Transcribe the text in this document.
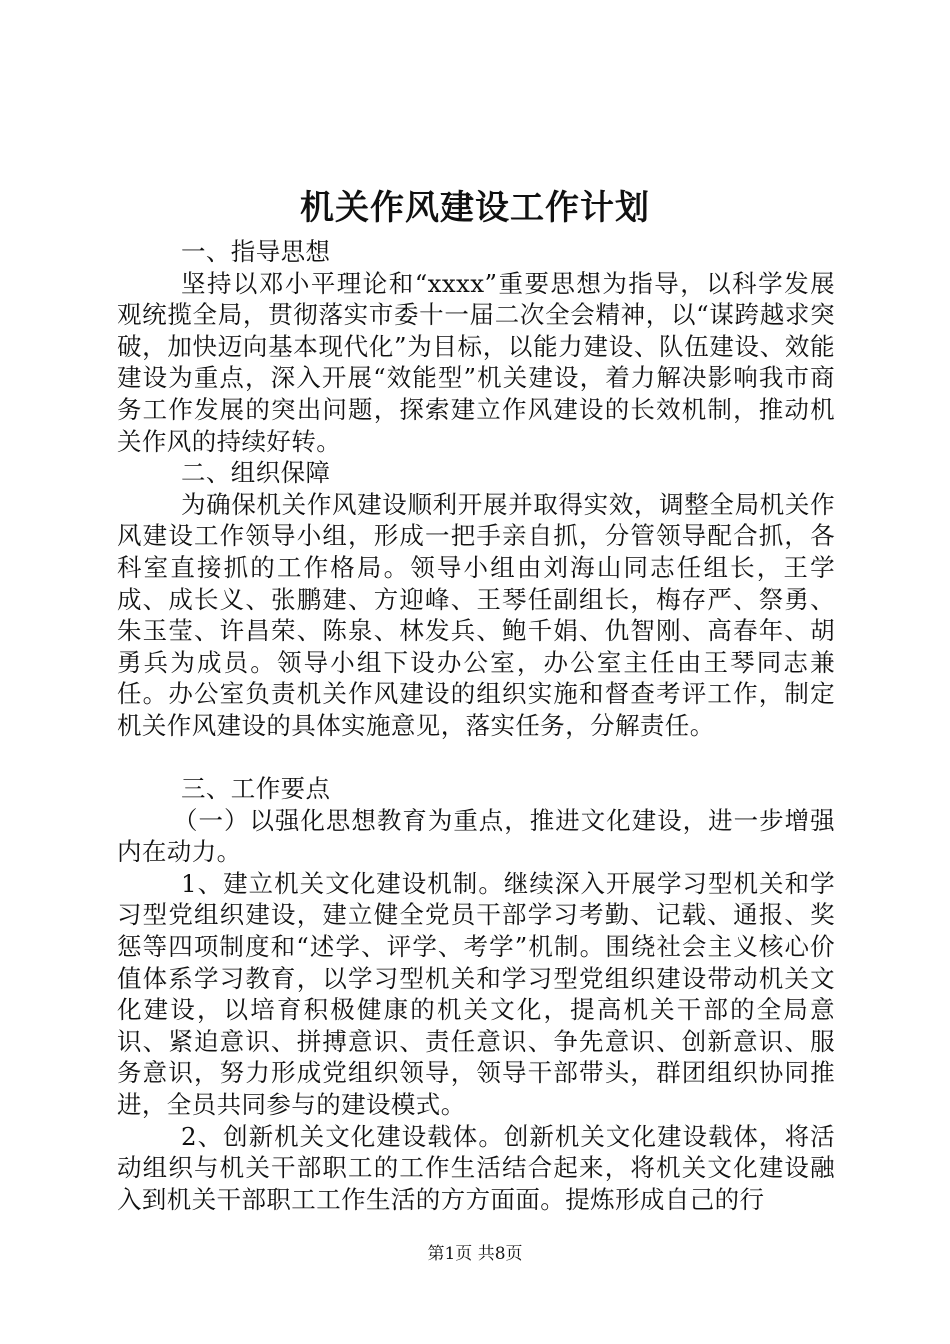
机关作风建设工作计划

一、指导思想

坚持以邓小平理论和“xxxx”重要思想为指导，以科学发展观统揽全局，贯彻落实市委十一届二次全会精神，以“谋跨越求突破，加快迈向基本现代化”为目标，以能力建设、队伍建设、效能建设为重点，深入开展“效能型”机关建设，着力解决影响我市商务工作发展的突出问题，探索建立作风建设的长效机制，推动机关作风的持续好转。

二、组织保障

为确保机关作风建设顺利开展并取得实效，调整全局机关作风建设工作领导小组，形成一把手亲自抓，分管领导配合抓，各科室直接抓的工作格局。领导小组由刘海山同志任组长，王学成、成长义、张鹏建、方迎峰、王琴任副组长，梅存严、祭勇、朱玉莹、许昌荣、陈泉、林发兵、鲍千娟、仇智刚、高春年、胡勇兵为成员。领导小组下设办公室，办公室主任由王琴同志兼任。办公室负责机关作风建设的组织实施和督查考评工作，制定机关作风建设的具体实施意见，落实任务，分解责任。

三、工作要点

（一）以强化思想教育为重点，推进文化建设，进一步增强内在动力。

1、建立机关文化建设机制。继续深入开展学习型机关和学习型党组织建设，建立健全党员干部学习考勤、记载、通报、奖惩等四项制度和“述学、评学、考学”机制。围绕社会主义核心价值体系学习教育，以学习型机关和学习型党组织建设带动机关文化建设，以培育积极健康的机关文化，提高机关干部的全局意识、紧迫意识、拼搏意识、责任意识、争先意识、创新意识、服务意识，努力形成党组织领导，领导干部带头，群团组织协同推进，全员共同参与的建设模式。

2、创新机关文化建设载体。创新机关文化建设载体，将活动组织与机关干部职工的工作生活结合起来，将机关文化建设融入到机关干部职工工作生活的方方面面。提炼形成自己的行

第1页 共8页
